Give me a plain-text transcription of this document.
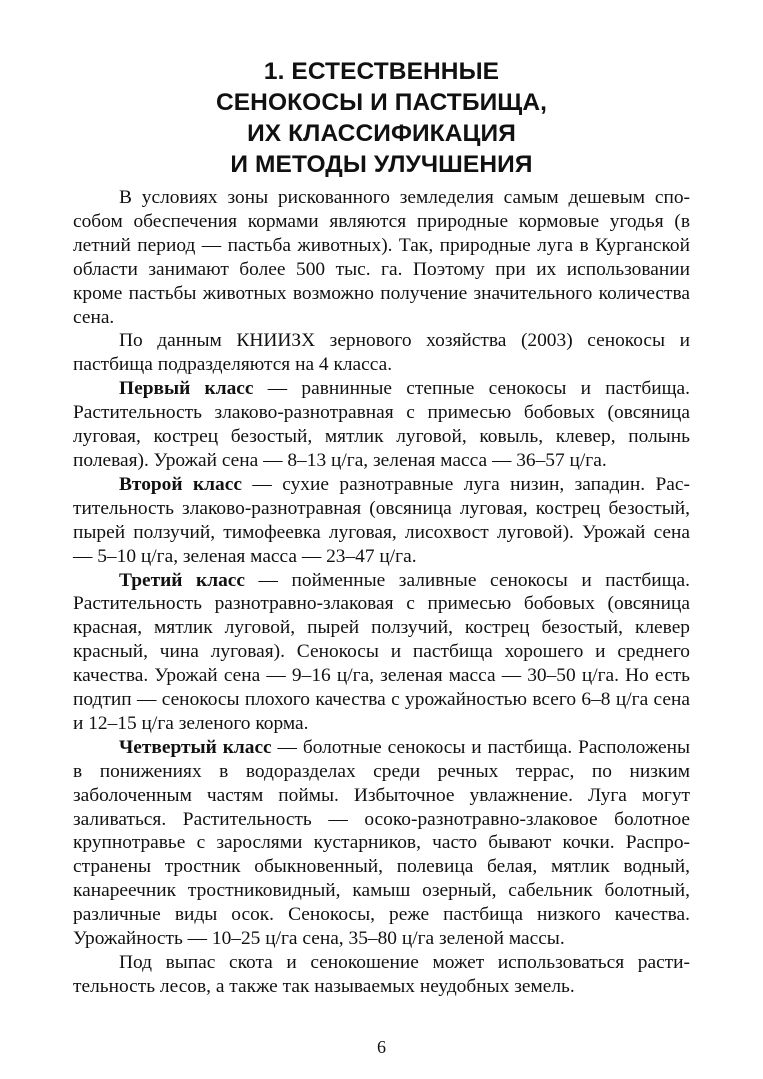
1. ЕСТЕСТВЕННЫЕ
СЕНОКОСЫ И ПАСТБИЩА,
ИХ КЛАССИФИКАЦИЯ
И МЕТОДЫ УЛУЧШЕНИЯ

В условиях зоны рискованного земледелия самым дешевым способом обеспечения кормами являются природные кормовые угодья (в летний период — пастьба животных). Так, природные луга в Курганской области занимают более 500 тыс. га. Поэтому при их использовании кроме пастьбы животных возможно получение значительного количества сена.

По данным КНИИЗХ зернового хозяйства (2003) сенокосы и пастбища подразделяются на 4 класса.

Первый класс — равнинные степные сенокосы и пастбища. Растительность злаково-разнотравная с примесью бобовых (овсяница луговая, кострец безостый, мятлик луговой, ковыль, клевер, полынь полевая). Урожай сена — 8–13 ц/га, зеленая масса — 36–57 ц/га.

Второй класс — сухие разнотравные луга низин, западин. Растительность злаково-разнотравная (овсяница луговая, кострец безостый, пырей ползучий, тимофеевка луговая, лисохвост луговой). Урожай сена — 5–10 ц/га, зеленая масса — 23–47 ц/га.

Третий класс — пойменные заливные сенокосы и пастбища. Растительность разнотравно-злаковая с примесью бобовых (овсяница красная, мятлик луговой, пырей ползучий, кострец безостый, клевер красный, чина луговая). Сенокосы и пастбища хорошего и среднего качества. Урожай сена — 9–16 ц/га, зеленая масса — 30–50 ц/га. Но есть подтип — сенокосы плохого качества с урожайностью всего 6–8 ц/га сена и 12–15 ц/га зеленого корма.

Четвертый класс — болотные сенокосы и пастбища. Расположены в понижениях в водоразделах среди речных террас, по низким заболоченным частям поймы. Избыточное увлажнение. Луга могут заливаться. Растительность — осоко-разнотравно-злаковое болотное крупнотравье с зарослями кустарников, часто бывают кочки. Распространены тростник обыкновенный, полевица белая, мятлик водный, канареечник тростниковидный, камыш озерный, сабельник болотный, различные виды осок. Сенокосы, реже пастбища низкого качества. Урожайность — 10–25 ц/га сена, 35–80 ц/га зеленой массы.

Под выпас скота и сенокошение может использоваться растительность лесов, а также так называемых неудобных земель.

6
